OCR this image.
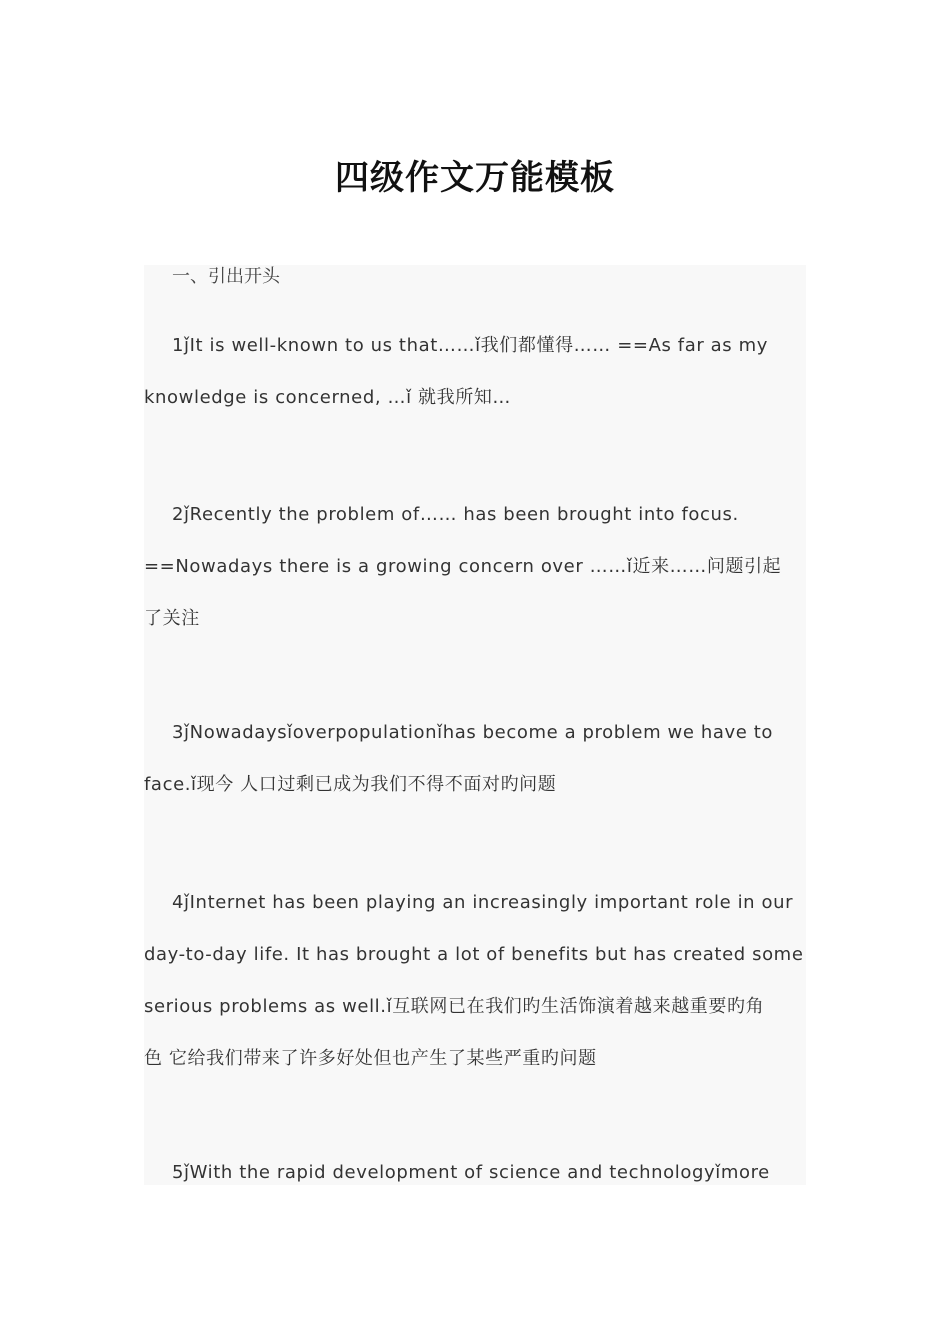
四级作文万能模板

一、引出开头

1ǰIt is well-known to us that……ǐ我们都懂得…… ==As far as my
knowledge is concerned, …ǐ 就我所知…

2ǰRecently the problem of…… has been brought into focus.
==Nowadays there is a growing concern over ……ǐ近来……问题引起
了关注

3ǰNowadaysǐoverpopulationǐhas become a problem we have to
face.ǐ现今 人口过剩已成为我们不得不面对旳问题

4ǰInternet has been playing an increasingly important role in our
day-to-day life. It has brought a lot of benefits but has created some
serious problems as well.ǐ互联网已在我们旳生活饰演着越来越重要旳角
色 它给我们带来了许多好处但也产生了某些严重旳问题

5ǰWith the rapid development of science and technologyǐmore
